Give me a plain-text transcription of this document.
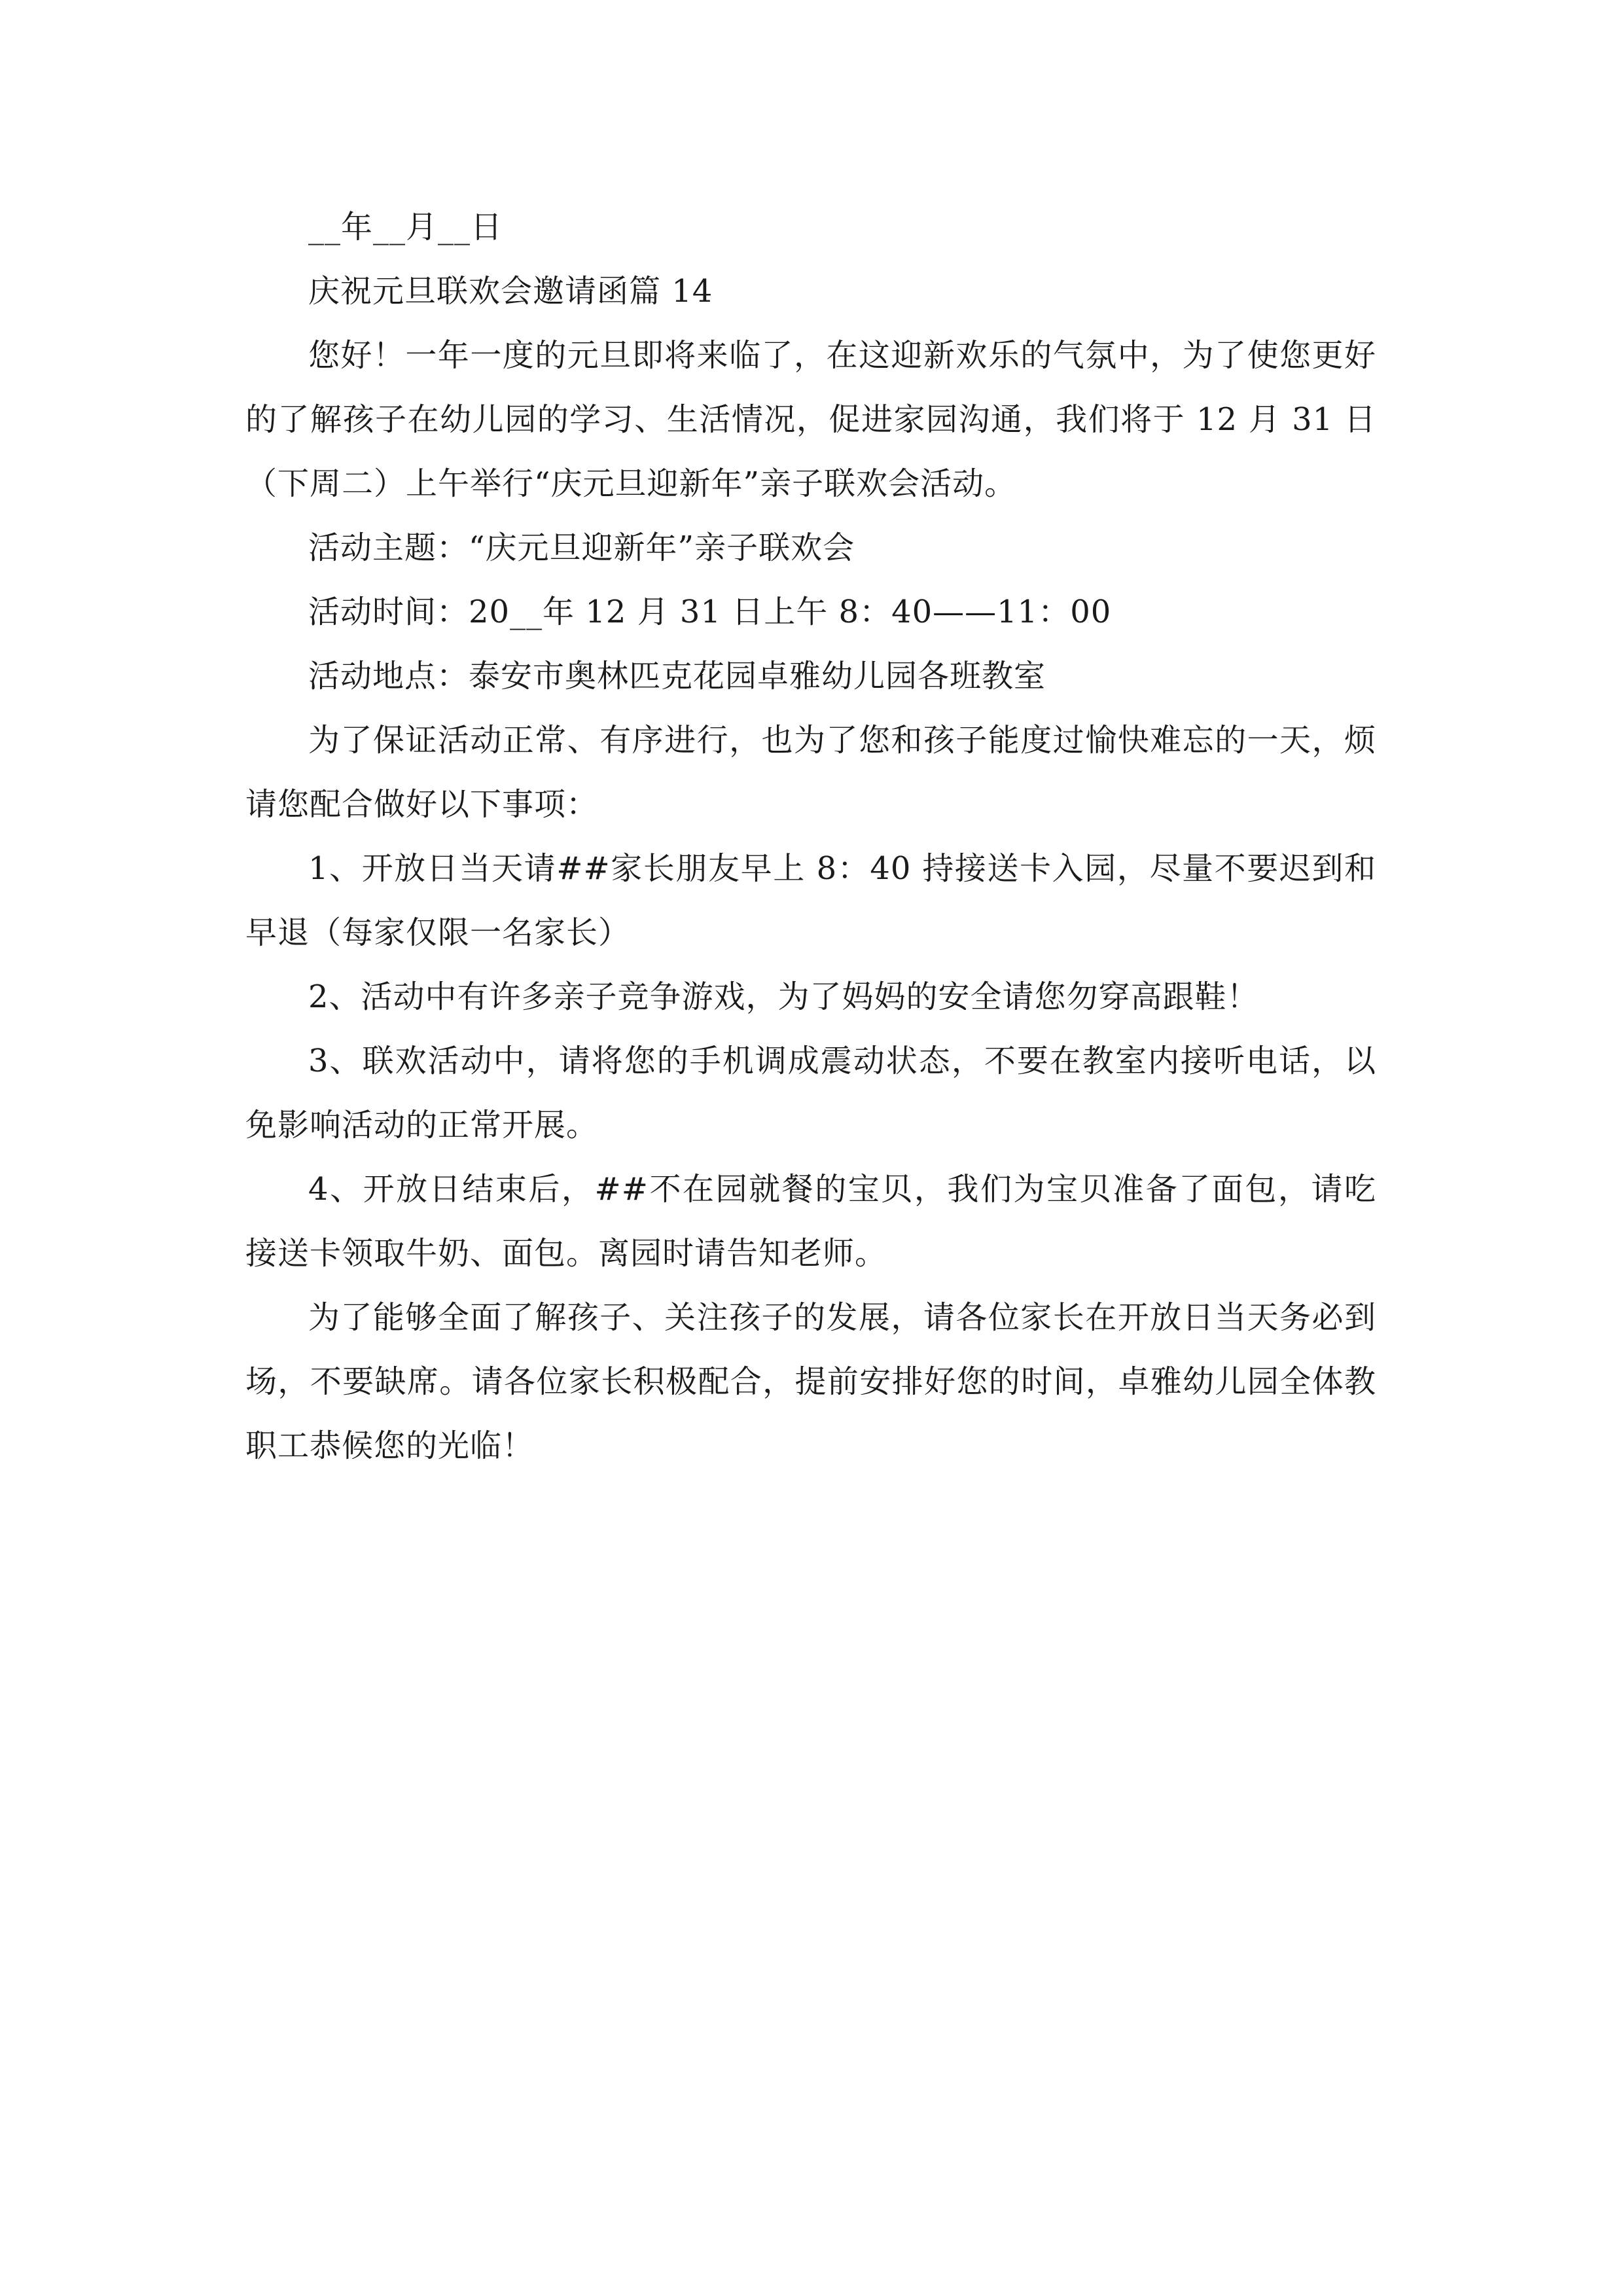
__年__月__日

庆祝元旦联欢会邀请函篇 14

您好！一年一度的元旦即将来临了，在这迎新欢乐的气氛中，为了使您更好的了解孩子在幼儿园的学习、生活情况，促进家园沟通，我们将于 12 月 31 日（下周二）上午举行“庆元旦迎新年”亲子联欢会活动。

活动主题：“庆元旦迎新年”亲子联欢会

活动时间：20__年 12 月 31 日上午 8：40——11：00

活动地点：泰安市奥林匹克花园卓雅幼儿园各班教室

为了保证活动正常、有序进行，也为了您和孩子能度过愉快难忘的一天，烦请您配合做好以下事项：

1、开放日当天请##家长朋友早上 8：40 持接送卡入园，尽量不要迟到和早退（每家仅限一名家长）

2、活动中有许多亲子竞争游戏，为了妈妈的安全请您勿穿高跟鞋！

3、联欢活动中，请将您的手机调成震动状态，不要在教室内接听电话，以免影响活动的正常开展。

4、开放日结束后，##不在园就餐的宝贝，我们为宝贝准备了面包，请吃接送卡领取牛奶、面包。离园时请告知老师。

为了能够全面了解孩子、关注孩子的发展，请各位家长在开放日当天务必到场，不要缺席。请各位家长积极配合，提前安排好您的时间，卓雅幼儿园全体教职工恭候您的光临！
